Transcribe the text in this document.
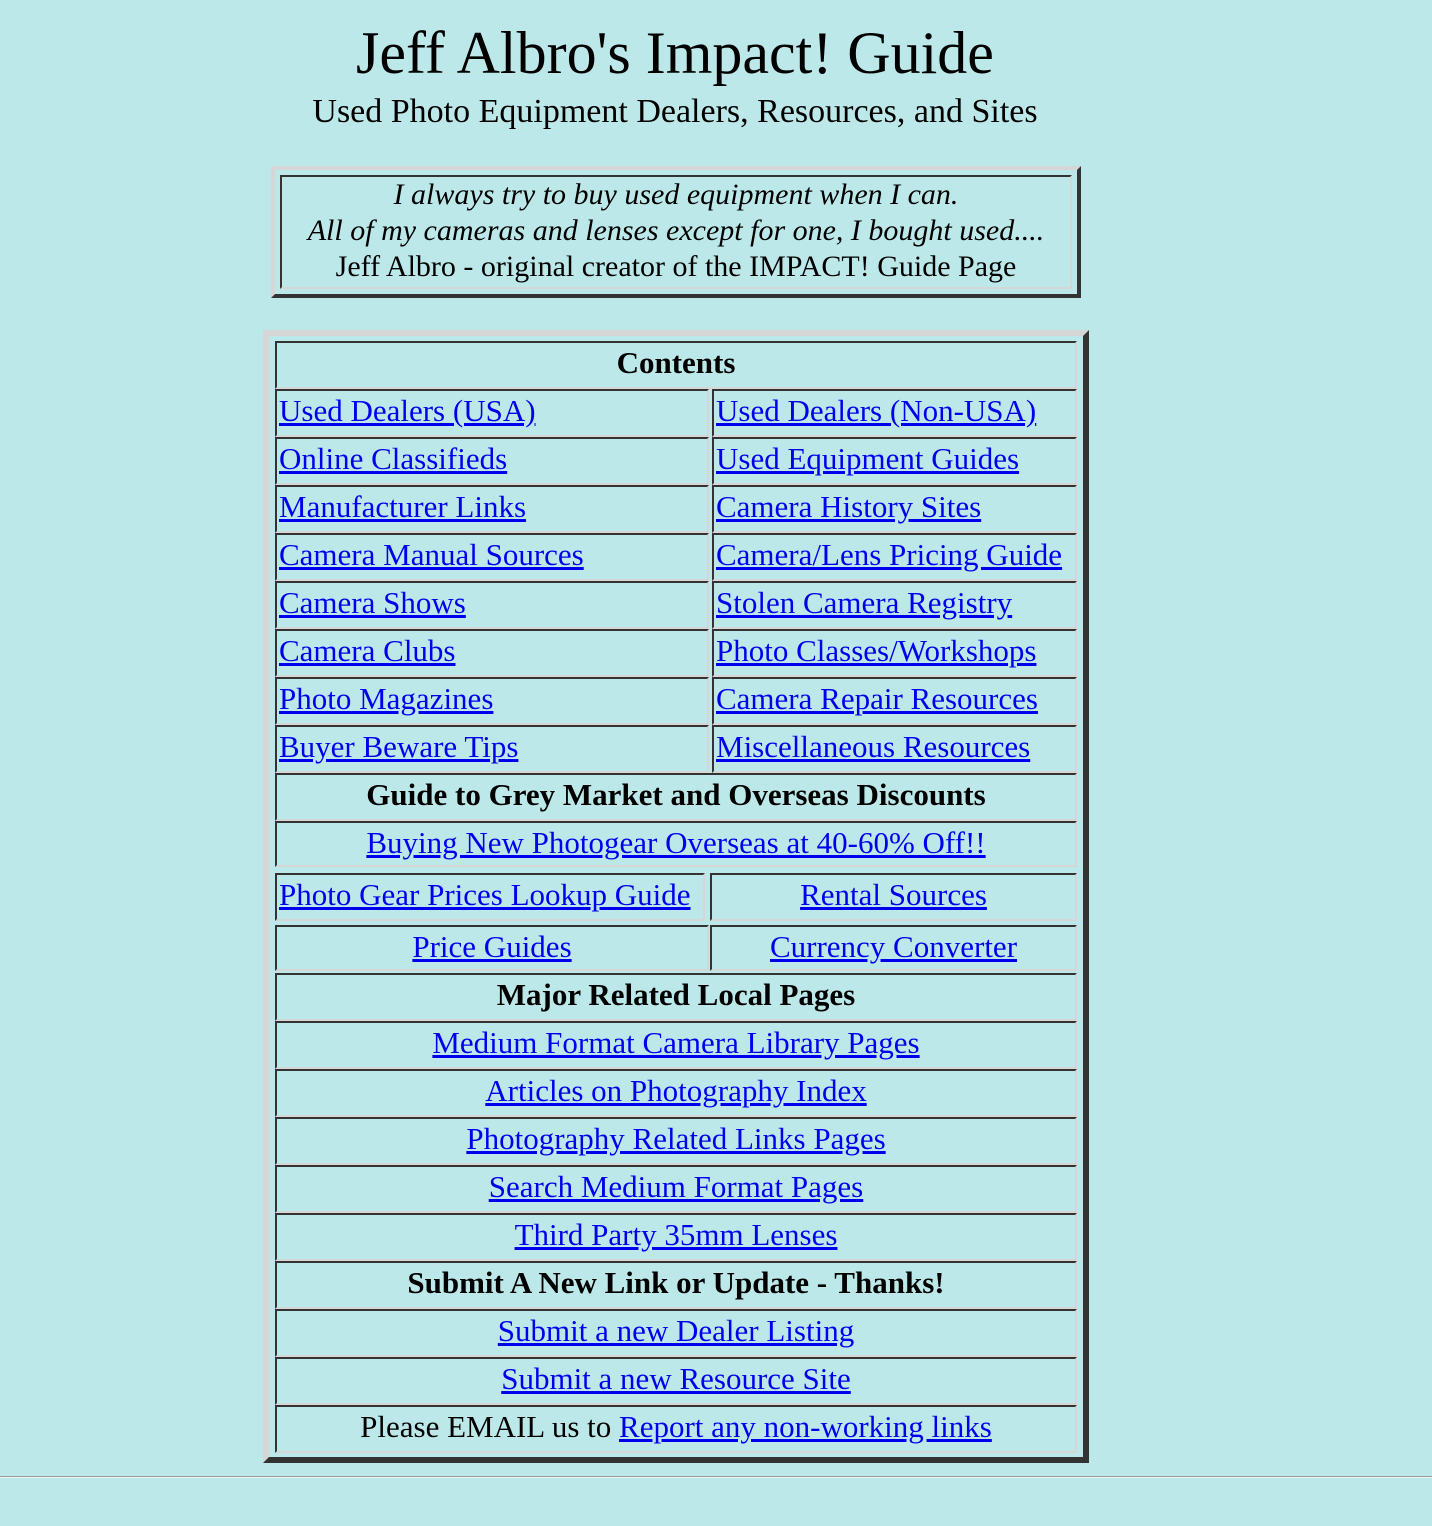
Jeff Albro's Impact! Guide
Used Photo Equipment Dealers, Resources, and Sites
I always try to buy used equipment when I can.
All of my cameras and lenses except for one, I bought used....
Jeff Albro - original creator of the IMPACT! Guide Page
Contents
Used Dealers (USA)	Used Dealers (Non-USA)
Online Classifieds	Used Equipment Guides
Manufacturer Links	Camera History Sites
Camera Manual Sources	Camera/Lens Pricing Guide
Camera Shows	Stolen Camera Registry
Camera Clubs	Photo Classes/Workshops
Photo Magazines	Camera Repair Resources
Buyer Beware Tips	Miscellaneous Resources
Guide to Grey Market and Overseas Discounts
Buying New Photogear Overseas at 40-60% Off!!
Photo Gear Prices Lookup Guide	Rental Sources
Price Guides	Currency Converter
Major Related Local Pages
Medium Format Camera Library Pages
Articles on Photography Index
Photography Related Links Pages
Search Medium Format Pages
Third Party 35mm Lenses
Submit A New Link or Update - Thanks!
Submit a new Dealer Listing
Submit a new Resource Site
Please EMAIL us to Report any non-working links
